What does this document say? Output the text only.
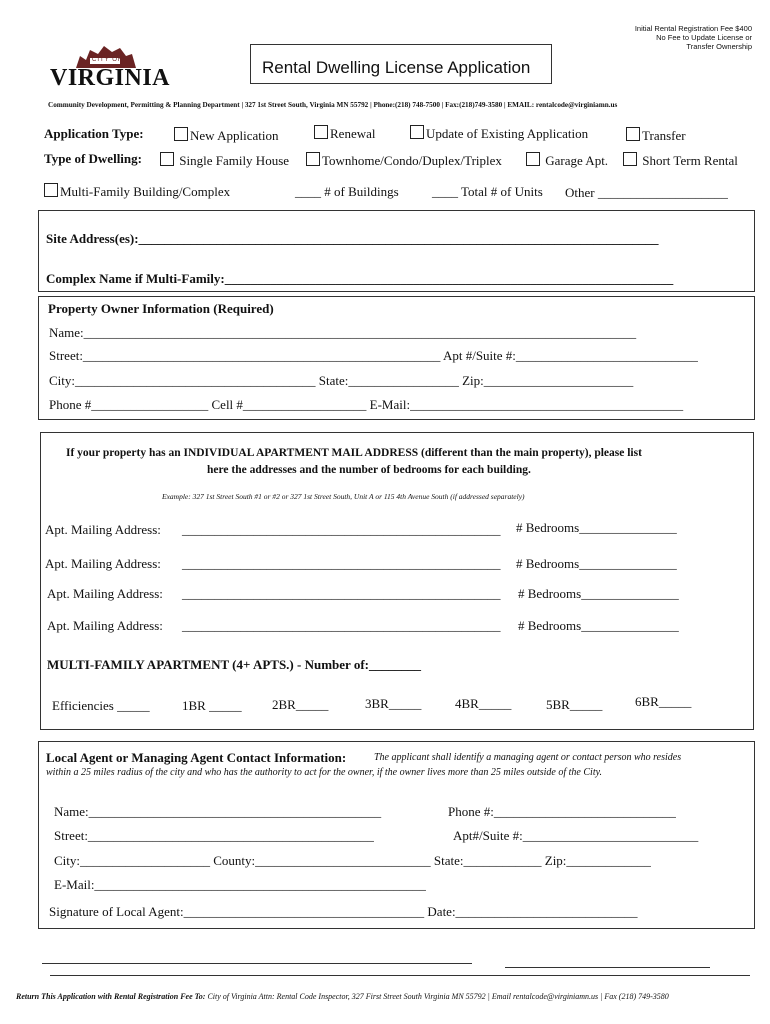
Initial Rental Registration Fee $400
No Fee to Update License or
Transfer Ownership
CITY OF
VIRGINIA	Rental Dwelling License Application
Community Development, Permitting & Planning Department | 327 1st Street South, Virginia MN 55792 | Phone:(218) 748-7500 | Fax:(218)749-3580 | EMAIL: rentalcode@virginiamn.us
Application Type:	New Application	Renewal	Update of Existing Application	Transfer
Type of Dwelling:	Single Family House	Townhome/Condo/Duplex/Triplex	Garage Apt.	Short Term Rental
Multi-Family Building/Complex	____ # of Buildings	____ Total # of Units Other ____________________
Site Address(es):________________________________________________________________________________
Complex Name if Multi-Family:_____________________________________________________________________
Property Owner Information (Required)
Name:_____________________________________________________________________________________
Street:_______________________________________________________ Apt #/Suite #:____________________________
City:_____________________________________ State:_________________ Zip:_______________________
Phone #__________________ Cell #___________________ E-Mail:__________________________________________
If your property has an INDIVIDUAL APARTMENT MAIL ADDRESS (different than the main property), please list
here the addresses and the number of bedrooms for each building.
Example: 327 1st Street South #1 or #2 or 327 1st Street South, Unit A or 115 4th Avenue South (if addressed separately)
Apt. Mailing Address: _________________________________________________ # Bedrooms_______________
Apt. Mailing Address: _________________________________________________ # Bedrooms_______________
Apt. Mailing Address: _________________________________________________ # Bedrooms_______________
Apt. Mailing Address: _________________________________________________ # Bedrooms_______________
MULTI-FAMILY APARTMENT (4+ APTS.) - Number of:________
Efficiencies _____ 1BR _____ 2BR_____	3BR_____	4BR_____	5BR_____	6BR_____
Local Agent or Managing Agent Contact Information:	The applicant shall identify a managing agent or contact person who resides
within a 25 miles radius of the city and who has the authority to act for the owner, if the owner lives more than 25 miles outside of the City.
Name:_____________________________________________	Phone #:____________________________
Street:____________________________________________	Apt#/Suite #:___________________________
City:____________________ County:___________________________ State:____________ Zip:_____________
E-Mail:___________________________________________________
Signature of Local Agent:_____________________________________ Date:____________________________
Return This Application with Rental Registration Fee To: City of Virginia Attn: Rental Code Inspector, 327 First Street South Virginia MN 55792 | Email rentalcode@virginiamn.us | Fax (218) 749-3580
